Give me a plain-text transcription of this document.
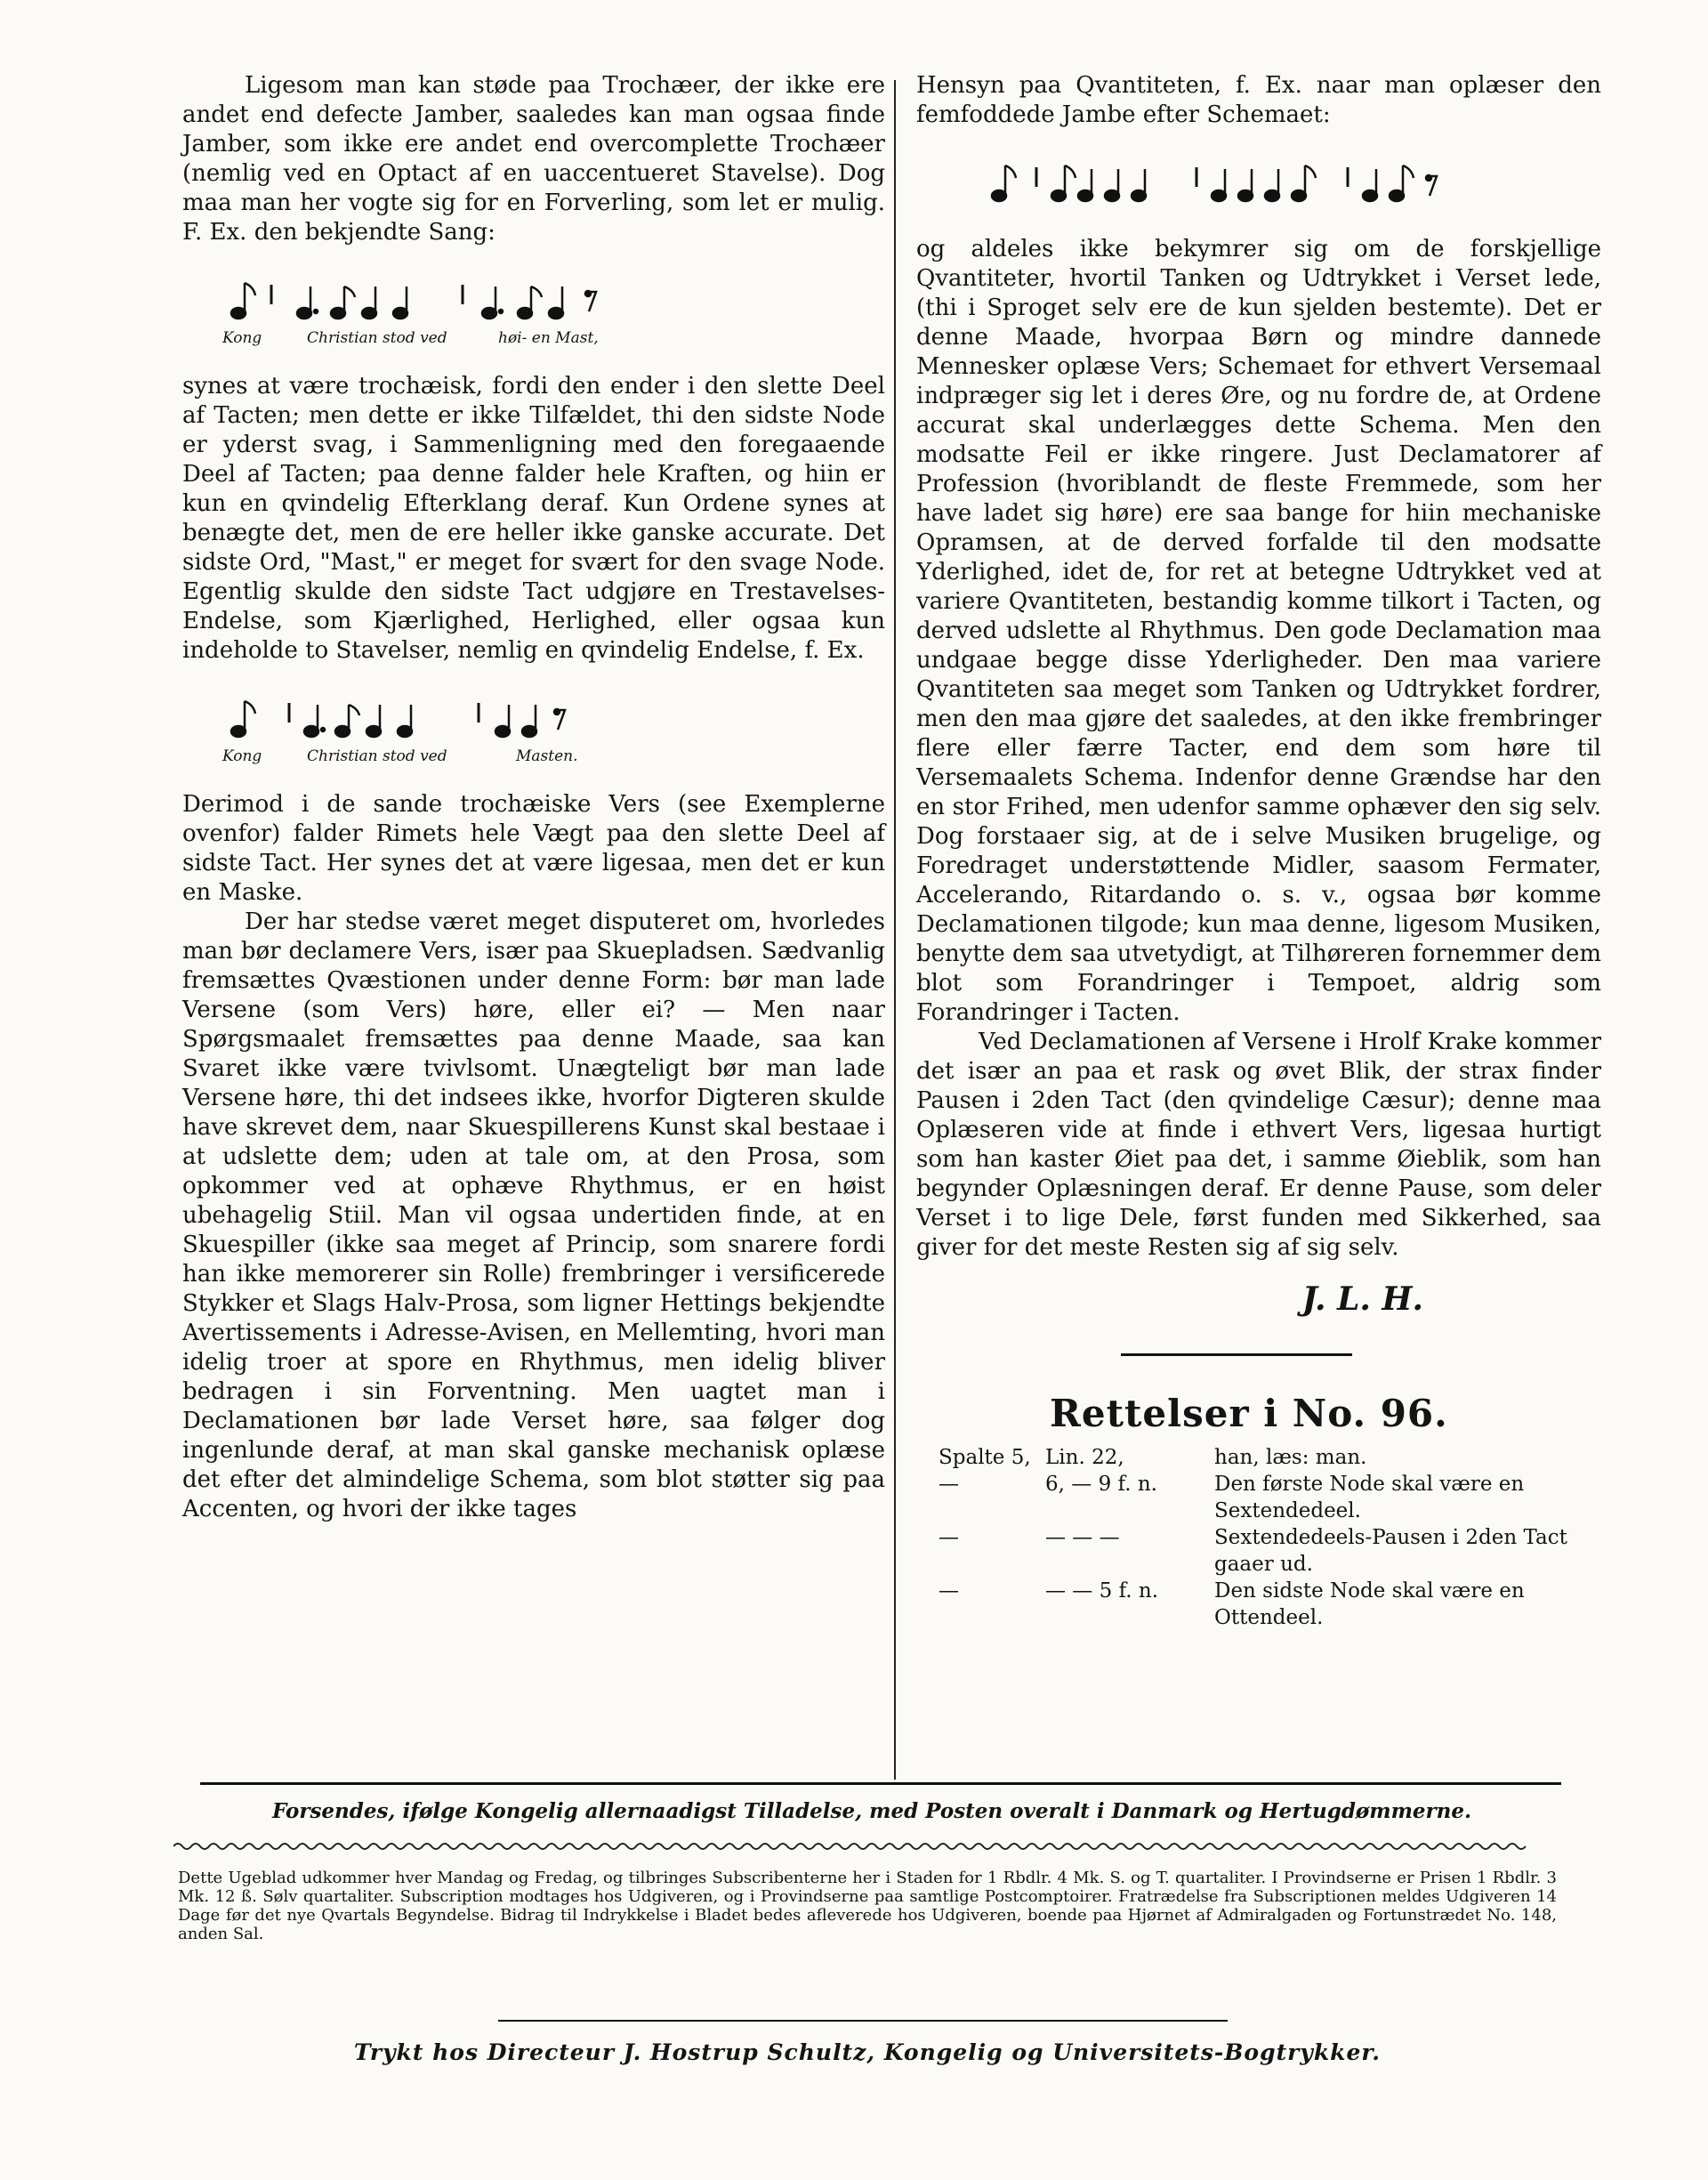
Ligesom man kan støde paa Trochæer, der ikke ere andet end defecte Jamber, saaledes kan man ogsaa finde Jamber, som ikke ere andet end overcomplette Trochæer (nemlig ved en Optact af en uaccentueret Stavelse). Dog maa man her vogte sig for en Forverling, som let er mulig. F. Ex. den bekjendte Sang:

Kong	Christian stod ved	høi- en Mast,

synes at være trochæisk, fordi den ender i den slette Deel af Tacten; men dette er ikke Tilfældet, thi den sidste Node er yderst svag, i Sammenligning med den foregaaende Deel af Tacten; paa denne falder hele Kraften, og hiin er kun en qvindelig Efterklang deraf. Kun Ordene synes at benægte det, men de ere heller ikke ganske accurate. Det sidste Ord, "Mast," er meget for svært for den svage Node. Egentlig skulde den sidste Tact udgjøre en Trestavelses-Endelse, som Kjærlighed, Herlighed, eller ogsaa kun indeholde to Stavelser, nemlig en qvindelig Endelse, f. Ex.

Kong	Christian stod ved	Masten.

Derimod i de sande trochæiske Vers (see Exemplerne ovenfor) falder Rimets hele Vægt paa den slette Deel af sidste Tact. Her synes det at være ligesaa, men det er kun en Maske.

Der har stedse været meget disputeret om, hvorledes man bør declamere Vers, især paa Skuepladsen. Sædvanlig fremsættes Qvæstionen under denne Form: bør man lade Versene (som Vers) høre, eller ei? — Men naar Spørgsmaalet fremsættes paa denne Maade, saa kan Svaret ikke være tvivlsomt. Unægteligt bør man lade Versene høre, thi det indsees ikke, hvorfor Digteren skulde have skrevet dem, naar Skuespillerens Kunst skal bestaae i at udslette dem; uden at tale om, at den Prosa, som opkommer ved at ophæve Rhythmus, er en høist ubehagelig Stiil. Man vil ogsaa undertiden finde, at en Skuespiller (ikke saa meget af Princip, som snarere fordi han ikke memorerer sin Rolle) frembringer i versificerede Stykker et Slags Halv-Prosa, som ligner Hettings bekjendte Avertissements i Adresse-Avisen, en Mellemting, hvori man idelig troer at spore en Rhythmus, men idelig bliver bedragen i sin Forventning. Men uagtet man i Declamationen bør lade Verset høre, saa følger dog ingenlunde deraf, at man skal ganske mechanisk oplæse det efter det almindelige Schema, som blot støtter sig paa Accenten, og hvori der ikke tages

Hensyn paa Qvantiteten, f. Ex. naar man oplæser den femfoddede Jambe efter Schemaet:

og aldeles ikke bekymrer sig om de forskjellige Qvantiteter, hvortil Tanken og Udtrykket i Verset lede, (thi i Sproget selv ere de kun sjelden bestemte). Det er denne Maade, hvorpaa Børn og mindre dannede Mennesker oplæse Vers; Schemaet for ethvert Versemaal indpræger sig let i deres Øre, og nu fordre de, at Ordene accurat skal underlægges dette Schema. Men den modsatte Feil er ikke ringere. Just Declamatorer af Profession (hvoriblandt de fleste Fremmede, som her have ladet sig høre) ere saa bange for hiin mechaniske Opramsen, at de derved forfalde til den modsatte Yderlighed, idet de, for ret at betegne Udtrykket ved at variere Qvantiteten, bestandig komme tilkort i Tacten, og derved udslette al Rhythmus. Den gode Declamation maa undgaae begge disse Yderligheder. Den maa variere Qvantiteten saa meget som Tanken og Udtrykket fordrer, men den maa gjøre det saaledes, at den ikke frembringer flere eller færre Tacter, end dem som høre til Versemaalets Schema. Indenfor denne Grændse har den en stor Frihed, men udenfor samme ophæver den sig selv. Dog forstaaer sig, at de i selve Musiken brugelige, og Foredraget understøttende Midler, saasom Fermater, Accelerando, Ritardando o. s. v., ogsaa bør komme Declamationen tilgode; kun maa denne, ligesom Musiken, benytte dem saa utvetydigt, at Tilhøreren fornemmer dem blot som Forandringer i Tempoet, aldrig som Forandringer i Tacten.

Ved Declamationen af Versene i Hrolf Krake kommer det især an paa et rask og øvet Blik, der strax finder Pausen i 2den Tact (den qvindelige Cæsur); denne maa Oplæseren vide at finde i ethvert Vers, ligesaa hurtigt som han kaster Øiet paa det, i samme Øieblik, som han begynder Oplæsningen deraf. Er denne Pause, som deler Verset i to lige Dele, først funden med Sikkerhed, saa giver for det meste Resten sig af sig selv.

J. L. H.
Rettelser i No. 96.
Spalte 5, Lin. 22,	han, læs: man.
—	6, — 9 f. n.	Den første Node skal være en Sextendedeel.
—	— — —	Sextendedeels-Pausen i 2den Tact gaaer ud.
—	— — 5 f. n.	Den sidste Node skal være en Ottendeel.
Forsendes, ifølge Kongelig allernaadigst Tilladelse, med Posten overalt i Danmark og Hertugdømmerne.
Dette Ugeblad udkommer hver Mandag og Fredag, og tilbringes Subscribenterne her i Staden for 1 Rbdlr. 4 Mk. S. og T. quartaliter. I Provindserne er Prisen 1 Rbdlr. 3 Mk. 12 ß. Sølv quartaliter. Subscription modtages hos Udgiveren, og i Provindserne paa samtlige Postcomptoirer. Fratrædelse fra Subscriptionen meldes Udgiveren 14 Dage før det nye Qvartals Begyndelse. Bidrag til Indrykkelse i Bladet bedes afleverede hos Udgiveren, boende paa Hjørnet af Admiralgaden og Fortunstrædet No. 148, anden Sal.
Trykt hos Directeur J. Hostrup Schultz, Kongelig og Universitets-Bogtrykker.
